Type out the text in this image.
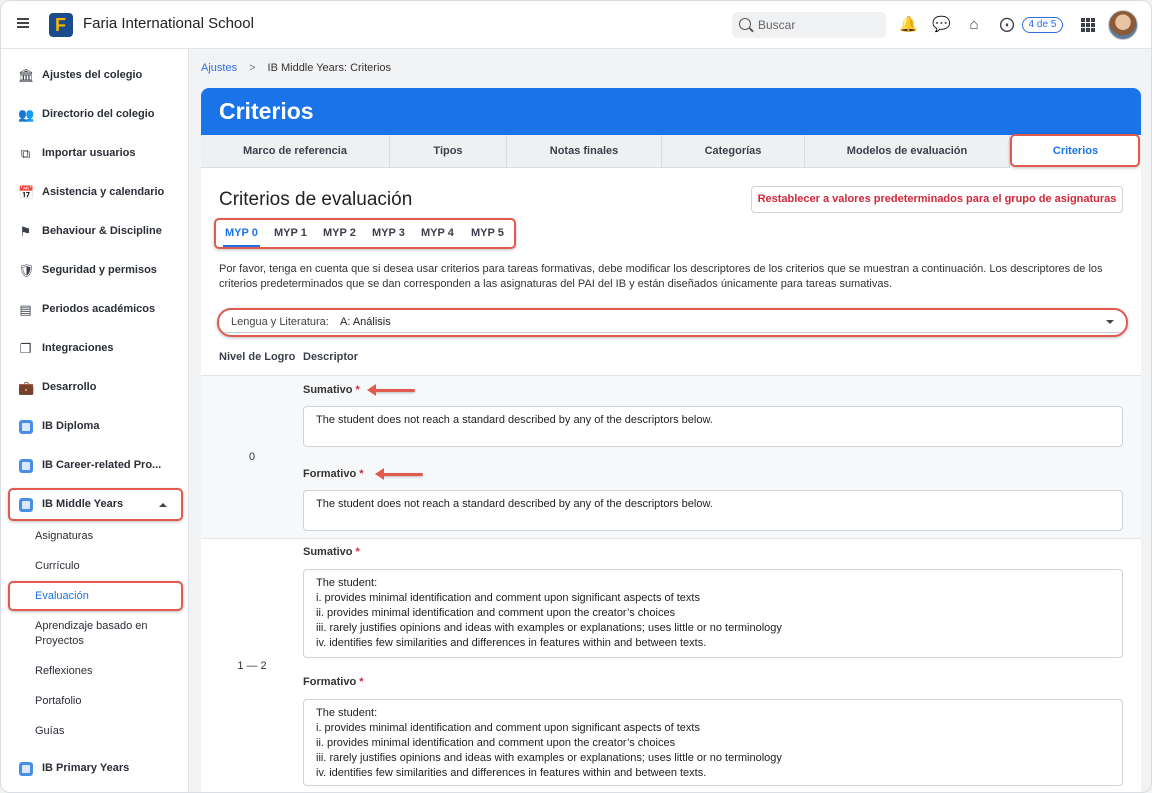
F
Faria International School	Buscar	🔔 💬 ⌂ ⨀	4 de 5
🏛 Ajustes del colegio
👥 Directorio del colegio
⧉ Importar usuarios
📅 Asistencia y calendario
⚑ Behaviour & Discipline
🛡 Seguridad y permisos
▤ Periodos académicos
❐ Integraciones
💼 Desarrollo
IB Diploma
IB Career-related Pro...
IB Middle Years
Asignaturas
Currículo
Evaluación
Aprendizaje basado en
Proyectos
Reflexiones
Portafolio
Guías
IB Primary Years
Ajustes > IB Middle Years: Criterios
Criterios
Marco de referencia	Tipos	Notas finales	Categorías	Modelos de evaluación	Criterios
Criterios de evaluación	Restablecer a valores predeterminados para el grupo de asignaturas
MYP 0 MYP 1 MYP 2 MYP 3 MYP 4 MYP 5
Por favor, tenga en cuenta que si desea usar criterios para tareas formativas, debe modificar los descriptores de los criterios que se muestran a continuación. Los descriptores de los
criterios predeterminados que se dan corresponden a las asignaturas del PAI del IB y están diseñados únicamente para tareas sumativas.
Lengua y Literatura: A: Análisis
Nivel de Logro Descriptor
0
Sumativo *
The student does not reach a standard described by any of the descriptors below.
Formativo *
The student does not reach a standard described by any of the descriptors below.
1 — 2
Sumativo *
The student:
i. provides minimal identification and comment upon significant aspects of texts
ii. provides minimal identification and comment upon the creator’s choices
iii. rarely justifies opinions and ideas with examples or explanations; uses little or no terminology
iv. identifies few similarities and differences in features within and between texts.
Formativo *
The student:
i. provides minimal identification and comment upon significant aspects of texts
ii. provides minimal identification and comment upon the creator’s choices
iii. rarely justifies opinions and ideas with examples or explanations; uses little or no terminology
iv. identifies few similarities and differences in features within and between texts.
